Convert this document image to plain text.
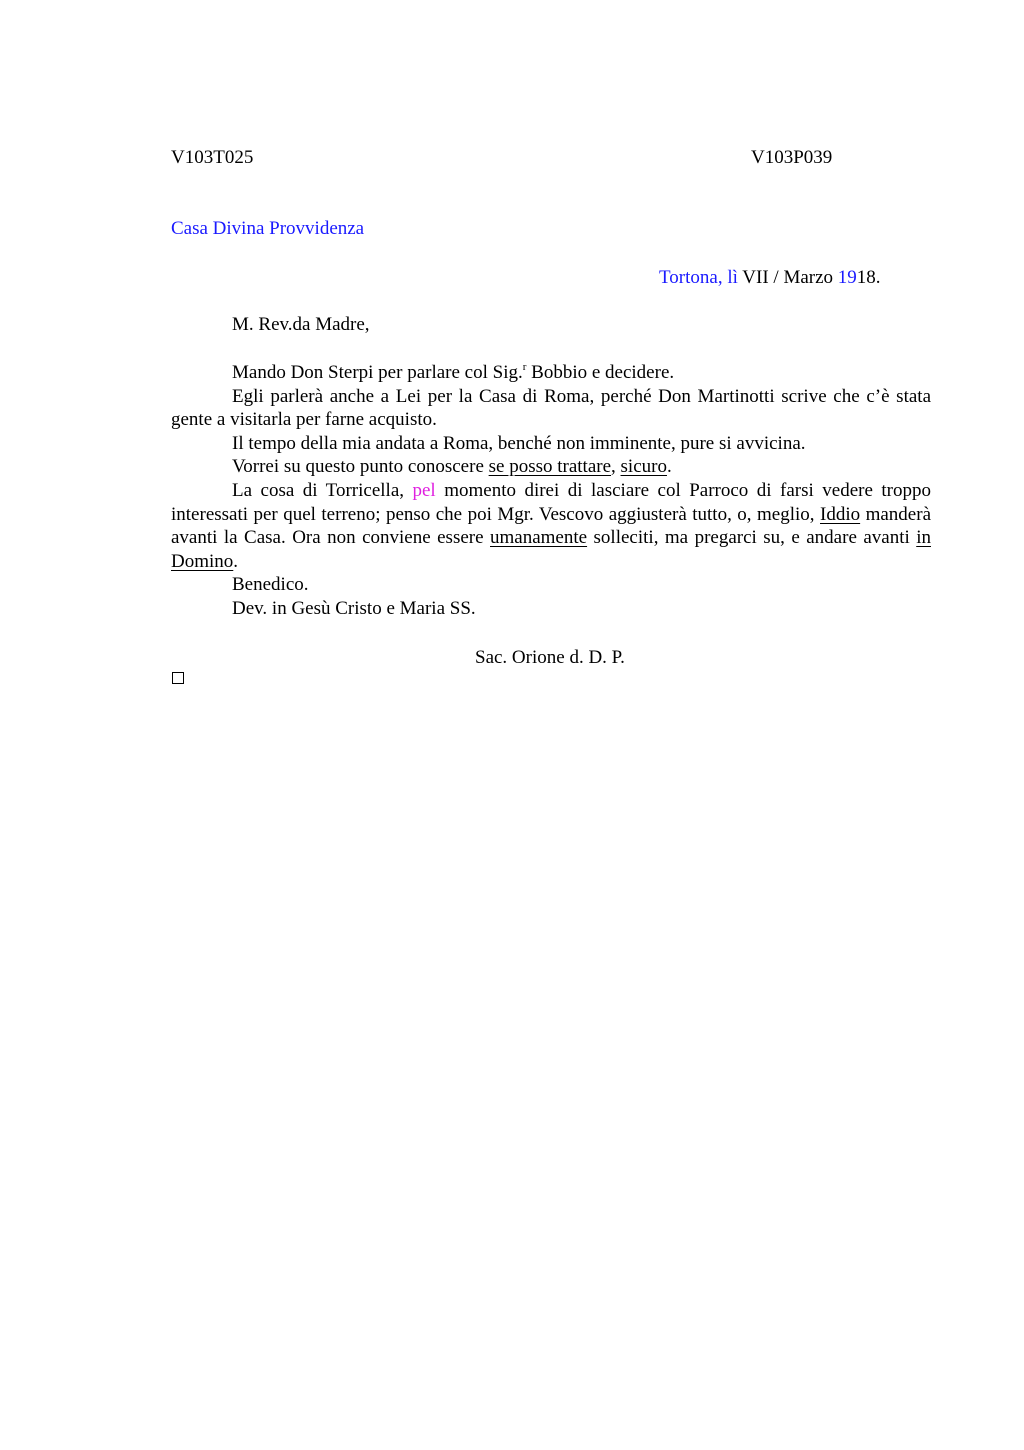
V103T025	V103P039
Casa Divina Provvidenza
Tortona, lì VII / Marzo 1918.
M. Rev.da Madre,

Mando Don Sterpi per parlare col Sig.$^r$ Bobbio e decidere.

Egli parlerà anche a Lei per la Casa di Roma, perché Don Martinotti scrive che c’è stata gente a visitarla per farne acquisto.

Il tempo della mia andata a Roma, benché non imminente, pure si avvicina.

Vorrei su questo punto conoscere se posso trattare, sicuro.

La cosa di Torricella, pel momento direi di lasciare col Parroco di farsi vedere troppo interessati per quel terreno; penso che poi Mgr. Vescovo aggiusterà tutto, o, meglio, Iddio manderà avanti la Casa. Ora non conviene essere umanamente solleciti, ma pregarci su, e andare avanti in Domino.

Benedico.

Dev. in Gesù Cristo e Maria SS.

Sac. Orione d. D. P.
